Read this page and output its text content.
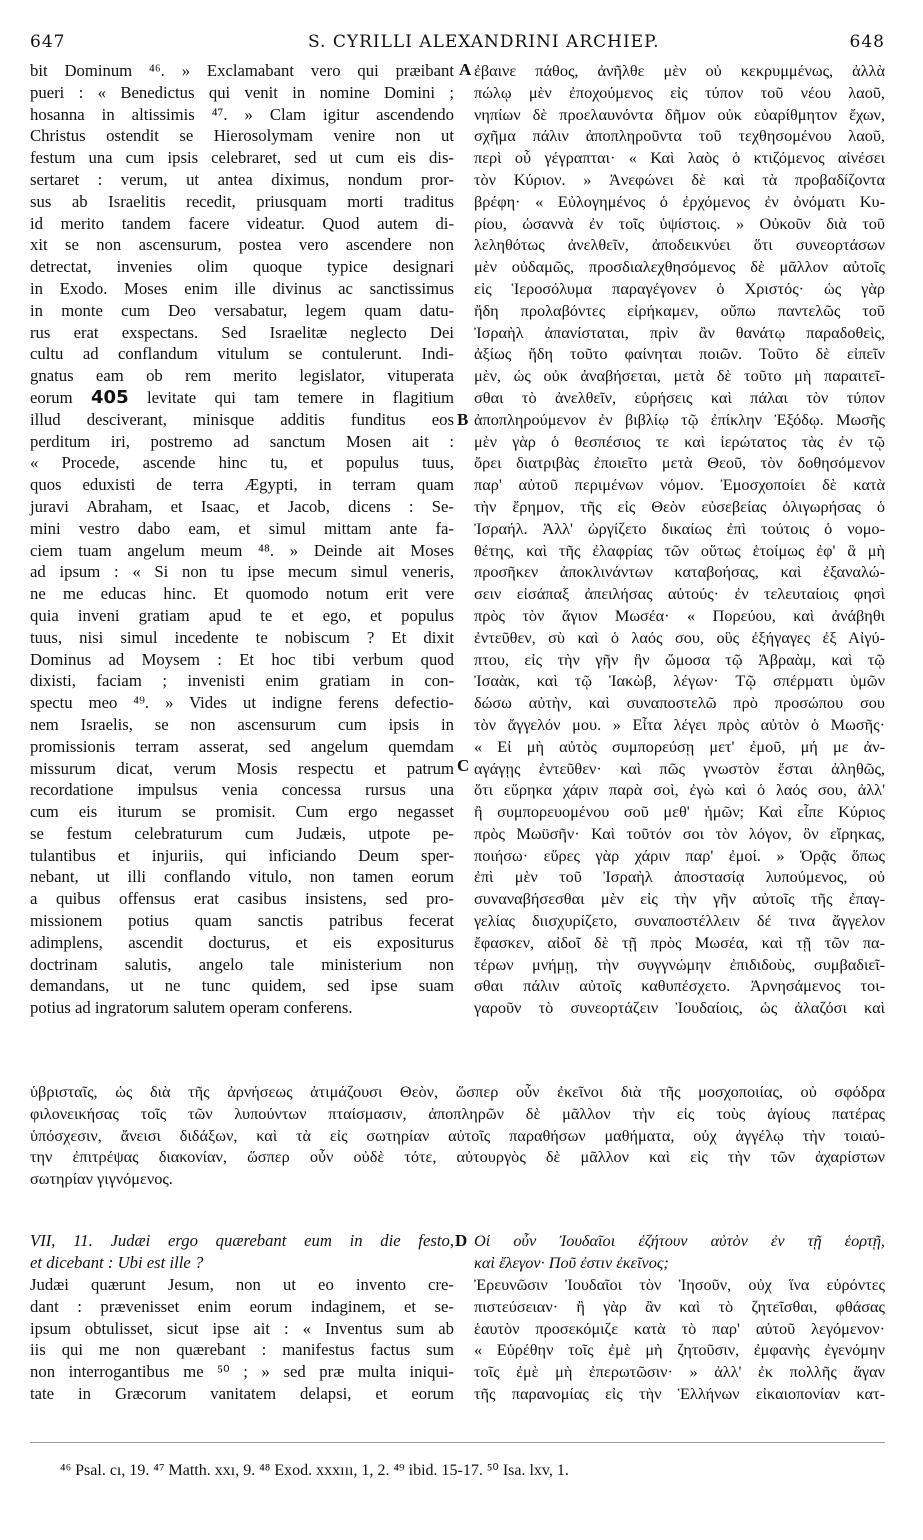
647	S. CYRILLI ALEXANDRINI ARCHIEP.	648
bit Dominum ⁴⁶. » Exclamabant vero qui præibant
pueri : « Benedictus qui venit in nomine Domini ;
hosanna in altissimis ⁴⁷. » Clam igitur ascendendo
Christus ostendit se Hierosolymam venire non ut
festum una cum ipsis celebraret, sed ut cum eis dis-
sertaret : verum, ut antea diximus, nondum pror-
sus ab Israelitis recedit, priusquam morti traditus
id merito tandem facere videatur. Quod autem di-
xit se non ascensurum, postea vero ascendere non
detrectat, invenies olim quoque typice designari
in Exodo. Moses enim ille divinus ac sanctissimus
in monte cum Deo versabatur, legem quam datu-
rus erat exspectans. Sed Israelitæ neglecto Dei
cultu ad conflandum vitulum se contulerunt. Indi-
gnatus eam ob rem merito legislator, vituperata
eorum 405 levitate qui tam temere in flagitium
illud desciverant, minisque additis funditus eos
perditum iri, postremo ad sanctum Mosen ait :
« Procede, ascende hinc tu, et populus tuus,
quos eduxisti de terra Ægypti, in terram quam
juravi Abraham, et Isaac, et Jacob, dicens : Se-
mini vestro dabo eam, et simul mittam ante fa-
ciem tuam angelum meum ⁴⁸. » Deinde ait Moses
ad ipsum : « Si non tu ipse mecum simul veneris,
ne me educas hinc. Et quomodo notum erit vere
quia inveni gratiam apud te et ego, et populus
tuus, nisi simul incedente te nobiscum ? Et dixit
Dominus ad Moysem : Et hoc tibi verbum quod
dixisti, faciam ; invenisti enim gratiam in con-
spectu meo ⁴⁹. » Vides ut indigne ferens defectio-
nem Israelis, se non ascensurum cum ipsis in
promissionis terram asserat, sed angelum quemdam
missurum dicat, verum Mosis respectu et patrum
recordatione impulsus venia concessa rursus una
cum eis iturum se promisit. Cum ergo negasset
se festum celebraturum cum Judæis, utpote pe-
tulantibus et injuriis, qui inficiando Deum sper-
nebant, ut illi conflando vitulo, non tamen eorum
a quibus offensus erat casibus insistens, sed pro-
missionem potius quam sanctis patribus fecerat
adimplens, ascendit docturus, et eis expositurus
doctrinam salutis, angelo tale ministerium non
demandans, ut ne tunc quidem, sed ipse suam
potius ad ingratorum salutem operam conferens.
ἐβαινε πάθος, ἀνῆλθε μὲν οὐ κεκρυμμένως, ἀλλὰ
πώλῳ μὲν ἐποχούμενος εἰς τύπον τοῦ νέου λαοῦ,
νηπίων δὲ προελαυνόντα δῆμον οὐκ εὐαρίθμητον ἔχων,
σχῆμα πάλιν ἀποπληροῦντα τοῦ τεχθησομένου λαοῦ,
περὶ οὗ γέγραπται· « Καὶ λαὸς ὁ κτιζόμενος αἰνέσει
τὸν Κύριον. » Ἀνεφώνει δὲ καὶ τὰ προβαδίζοντα
βρέφη· « Εὐλογημένος ὁ ἐρχόμενος ἐν ὀνόματι Κυ-
ρίου, ὡσαννὰ ἐν τοῖς ὑψίστοις. » Οὐκοῦν διὰ τοῦ
λεληθότως ἀνελθεῖν, ἀποδεικνύει ὅτι συνεορτάσων
μὲν οὐδαμῶς, προσδιαλεχθησόμενος δὲ μᾶλλον αὐτοῖς
εἰς Ἱεροσόλυμα παραγέγονεν ὁ Χριστός· ὡς γὰρ
ἤδη προλαβόντες εἰρήκαμεν, οὔπω παντελῶς τοῦ
Ἰσραὴλ ἀπανίσταται, πρὶν ἂν θανάτῳ παραδοθεὶς,
ἀξίως ἤδη τοῦτο φαίνηται ποιῶν. Τοῦτο δὲ εἰπεῖν
μὲν, ὡς οὐκ ἀναβήσεται, μετὰ δὲ τοῦτο μὴ παραιτεῖ-
σθαι τὸ ἀνελθεῖν, εὑρήσεις καὶ πάλαι τὸν τύπον
ἀποπληρούμενον ἐν βιβλίῳ τῷ ἐπίκλην Ἐξόδῳ. Μωσῆς
μὲν γὰρ ὁ θεσπέσιος τε καὶ ἱερώτατος τὰς ἐν τῷ
ὄρει διατριβὰς ἐποιεῖτο μετὰ Θεοῦ, τὸν δοθησόμενον
παρ' αὐτοῦ περιμένων νόμον. Ἐμοσχοποίει δὲ κατὰ
τὴν ἔρημον, τῆς εἰς Θεὸν εὐσεβείας ὀλιγωρήσας ὁ
Ἰσραήλ. Ἀλλ' ὠργίζετο δικαίως ἐπὶ τούτοις ὁ νομο-
θέτης, καὶ τῆς ἐλαφρίας τῶν οὕτως ἑτοίμως ἐφ' ἃ μὴ
προσῆκεν ἀποκλινάντων καταβοήσας, καὶ ἐξαναλώ-
σειν εἰσάπαξ ἀπειλήσας αὐτούς· ἐν τελευταίοις φησὶ
πρὸς τὸν ἅγιον Μωσέα· « Πορεύου, καὶ ἀνάβηθι
ἐντεῦθεν, σὺ καὶ ὁ λαός σου, οὓς ἐξήγαγες ἐξ Αἰγύ-
πτου, εἰς τὴν γῆν ἣν ὤμοσα τῷ Ἀβραὰμ, καὶ τῷ
Ἰσαὰκ, καὶ τῷ Ἰακὼβ, λέγων· Τῷ σπέρματι ὑμῶν
δώσω αὐτὴν, καὶ συναποστελῶ πρὸ προσώπου σου
τὸν ἄγγελόν μου. » Εἶτα λέγει πρὸς αὐτὸν ὁ Μωσῆς·
« Εἰ μὴ αὐτὸς συμπορεύσῃ μετ' ἐμοῦ, μή με ἀν-
αγάγῃς ἐντεῦθεν· καὶ πῶς γνωστὸν ἔσται ἀληθῶς,
ὅτι εὕρηκα χάριν παρὰ σοὶ, ἐγὼ καὶ ὁ λαός σου, ἀλλ'
ἢ συμπορευομένου σοῦ μεθ' ἡμῶν; Καὶ εἶπε Κύριος
πρὸς Μωϋσῆν· Καὶ τοῦτόν σοι τὸν λόγον, ὃν εἴρηκας,
ποιήσω· εὕρες γὰρ χάριν παρ' ἐμοί. » Ὁρᾷς ὅπως
ἐπὶ μὲν τοῦ Ἰσραὴλ ἀποστασίᾳ λυπούμενος, οὐ
συναναβήσεσθαι μὲν εἰς τὴν γῆν αὐτοῖς τῆς ἐπαγ-
γελίας διισχυρίζετο, συναποστέλλειν δέ τινα ἄγγελον
ἔφασκεν, αἰδοῖ δὲ τῇ πρὸς Μωσέα, καὶ τῇ τῶν πα-
τέρων μνήμῃ, τὴν συγγνώμην ἐπιδιδοὺς, συμβαδιεῖ-
σθαι πάλιν αὐτοῖς καθυπέσχετο. Ἀρνησάμενος τοι-
γαροῦν τὸ συνεορτάζειν Ἰουδαίοις, ὡς ἀλαζόσι καὶ
A
B
C
D
ὑβρισταῖς, ὡς διὰ τῆς ἀρνήσεως ἀτιμάζουσι Θεὸν, ὥσπερ οὖν ἐκεῖνοι διὰ τῆς μοσχοποιίας, οὐ σφόδρα
φιλονεικήσας τοῖς τῶν λυπούντων πταίσμασιν, ἀποπληρῶν δὲ μᾶλλον τὴν εἰς τοὺς ἁγίους πατέρας
ὑπόσχεσιν, ἄνεισι διδάξων, καὶ τὰ εἰς σωτηρίαν αὐτοῖς παραθήσων μαθήματα, οὐχ ἀγγέλῳ τὴν τοιαύ-
την ἐπιτρέψας διακονίαν, ὥσπερ οὖν οὐδὲ τότε, αὐτουργὸς δὲ μᾶλλον καὶ εἰς τὴν τῶν ἀχαρίστων
σωτηρίαν γιγνόμενος.
VII, 11. Judæi ergo quærebant eum in die festo,
et dicebant : Ubi est ille ?
Judæi quærunt Jesum, non ut eo invento cre-
dant : prævenisset enim eorum indaginem, et se-
ipsum obtulisset, sicut ipse ait : « Inventus sum ab
iis qui me non quærebant : manifestus factus sum
non interrogantibus me ⁵⁰ ; » sed præ multa iniqui-
tate in Græcorum vanitatem delapsi, et eorum
Οἱ οὖν Ἰουδαῖοι ἐζήτουν αὐτὸν ἐν τῇ ἑορτῇ,
καὶ ἔλεγον· Ποῦ ἐστιν ἐκεῖνος;
Ἐρευνῶσιν Ἰουδαῖοι τὸν Ἰησοῦν, οὐχ ἵνα εὑρόντες
πιστεύσειαν· ἢ γὰρ ἂν καὶ τὸ ζητεῖσθαι, φθάσας
ἑαυτὸν προσεκόμιζε κατὰ τὸ παρ' αὐτοῦ λεγόμενον·
« Εὑρέθην τοῖς ἐμὲ μὴ ζητοῦσιν, ἐμφανὴς ἐγενόμην
τοῖς ἐμὲ μὴ ἐπερωτῶσιν· » ἀλλ' ἐκ πολλῆς ἄγαν
τῆς παρανομίας εἰς τὴν Ἑλλήνων εἰκαιοπονίαν κατ-
⁴⁶ Psal. cı, 19. ⁴⁷ Matth. xxı, 9. ⁴⁸ Exod. xxxııı, 1, 2. ⁴⁹ ibid. 15-17. ⁵⁰ Isa. lxv, 1.
